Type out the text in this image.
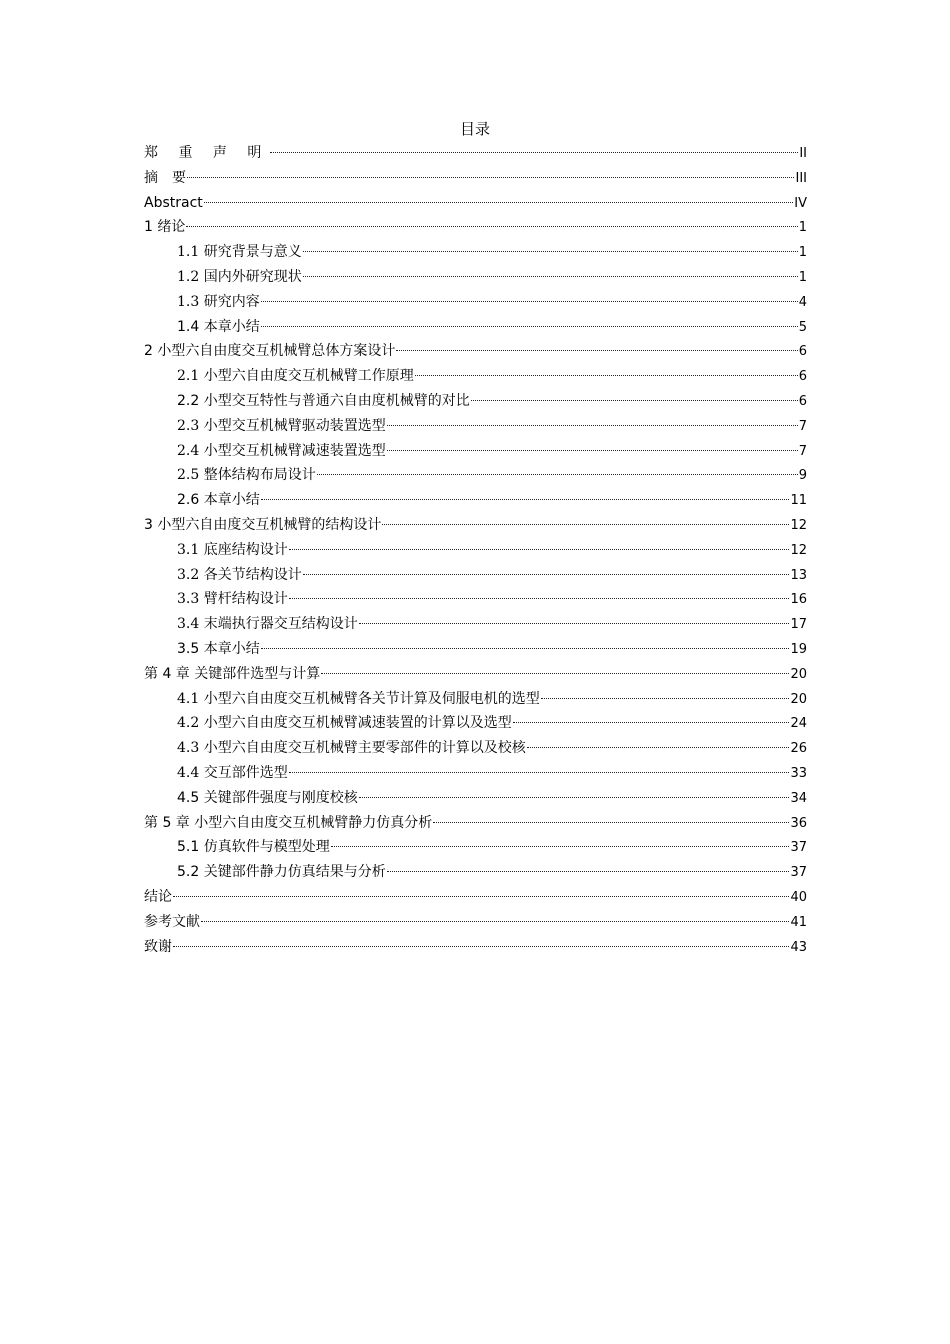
目录
郑 重 声 明	II
摘　要	III
Abstract	IV
1 绪论	1
1.1 研究背景与意义	1
1.2 国内外研究现状	1
1.3 研究内容	4
1.4 本章小结	5
2 小型六自由度交互机械臂总体方案设计	6
2.1 小型六自由度交互机械臂工作原理	6
2.2 小型交互特性与普通六自由度机械臂的对比	6
2.3 小型交互机械臂驱动装置选型	7
2.4 小型交互机械臂减速装置选型	7
2.5 整体结构布局设计	9
2.6 本章小结	11
3 小型六自由度交互机械臂的结构设计	12
3.1 底座结构设计	12
3.2 各关节结构设计	13
3.3 臂杆结构设计	16
3.4 末端执行器交互结构设计	17
3.5 本章小结	19
第 4 章 关键部件选型与计算	20
4.1 小型六自由度交互机械臂各关节计算及伺服电机的选型	20
4.2 小型六自由度交互机械臂减速装置的计算以及选型	24
4.3 小型六自由度交互机械臂主要零部件的计算以及校核	26
4.4 交互部件选型	33
4.5 关键部件强度与刚度校核	34
第 5 章 小型六自由度交互机械臂静力仿真分析	36
5.1 仿真软件与模型处理	37
5.2 关键部件静力仿真结果与分析	37
结论	40
参考文献	41
致谢	43
